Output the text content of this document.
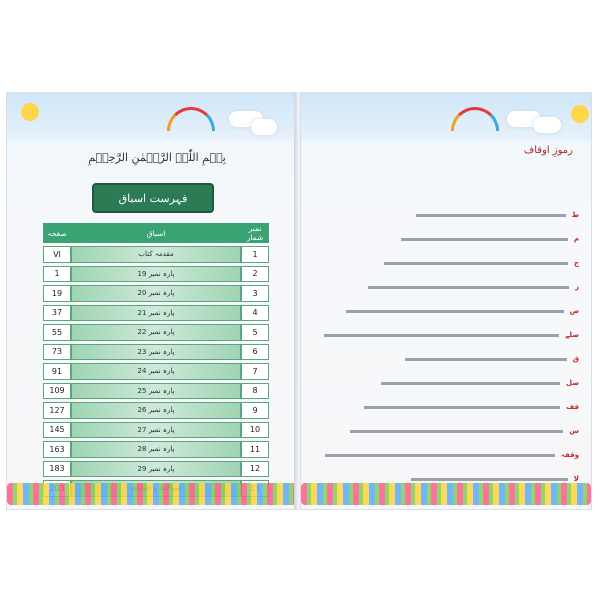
بِسۡمِ اللّٰہِ الرَّحۡمٰنِ الرَّحِیۡمِ
فہرست اسباق
صفحہ	اسباق	نمبر شمار
VI	مقدمہ کتاب	1
1	پارہ نمبر 19	2
19	پارہ نمبر 20	3
37	پارہ نمبر 21	4
55	پارہ نمبر 22	5
73	پارہ نمبر 23	6
91	پارہ نمبر 24	7
109	پارہ نمبر 25	8
127	پارہ نمبر 26	9
145	پارہ نمبر 27	10
163	پارہ نمبر 28	11
183	پارہ نمبر 29	12

رموزِ اوقاف

ط

م

ج

ز

ص

صلے

ق

صل

قف

س

وقفہ

لا
